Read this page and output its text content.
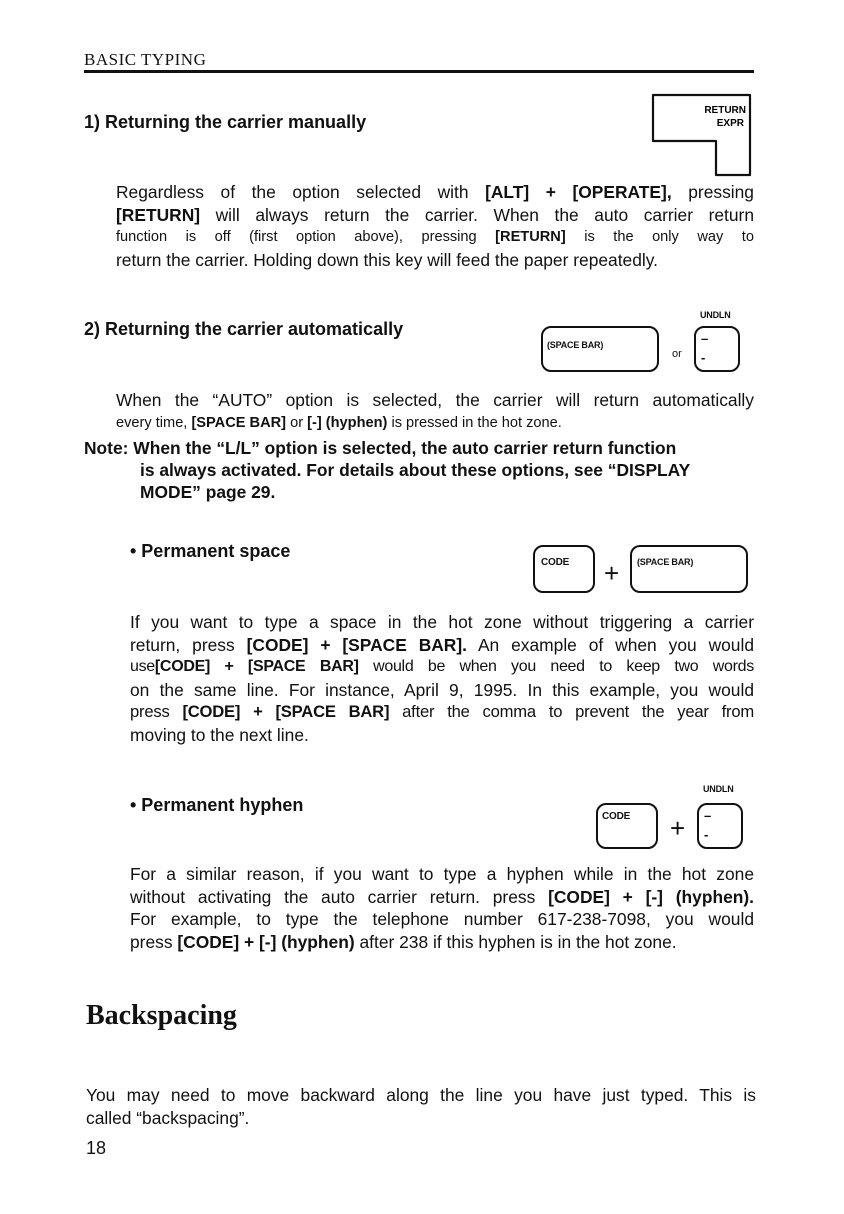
BASIC TYPING
1) Returning the carrier manually
RETURN
EXPR
Regardless of the option selected with [ALT] + [OPERATE], pressing
[RETURN] will always return the carrier. When the auto carrier return
function is off (first option above), pressing [RETURN] is the only way to
return the carrier. Holding down this key will feed the paper repeatedly.
2) Returning the carrier automatically
(SPACE BAR)
or
UNDLN
–
-
When the “AUTO” option is selected, the carrier will return automatically
every time, [SPACE BAR] or [-] (hyphen) is pressed in the hot zone.
Note: When the “L/L” option is selected, the auto carrier return function
is always activated. For details about these options, see “DISPLAY
MODE” page 29.
• Permanent space
CODE + (SPACE BAR)
If you want to type a space in the hot zone without triggering a carrier
return, press [CODE] + [SPACE BAR]. An example of when you would
use[CODE] + [SPACE BAR] would be when you need to keep two words
on the same line. For instance, April 9, 1995. In this example, you would
press [CODE] + [SPACE BAR] after the comma to prevent the year from
moving to the next line.
• Permanent hyphen
UNDLN
CODE + –
-
For a similar reason, if you want to type a hyphen while in the hot zone
without activating the auto carrier return. press [CODE] + [-] (hyphen).
For example, to type the telephone number 617-238-7098, you would
press [CODE] + [-] (hyphen) after 238 if this hyphen is in the hot zone.
Backspacing
You may need to move backward along the line you have just typed. This is
called “backspacing”.
18
